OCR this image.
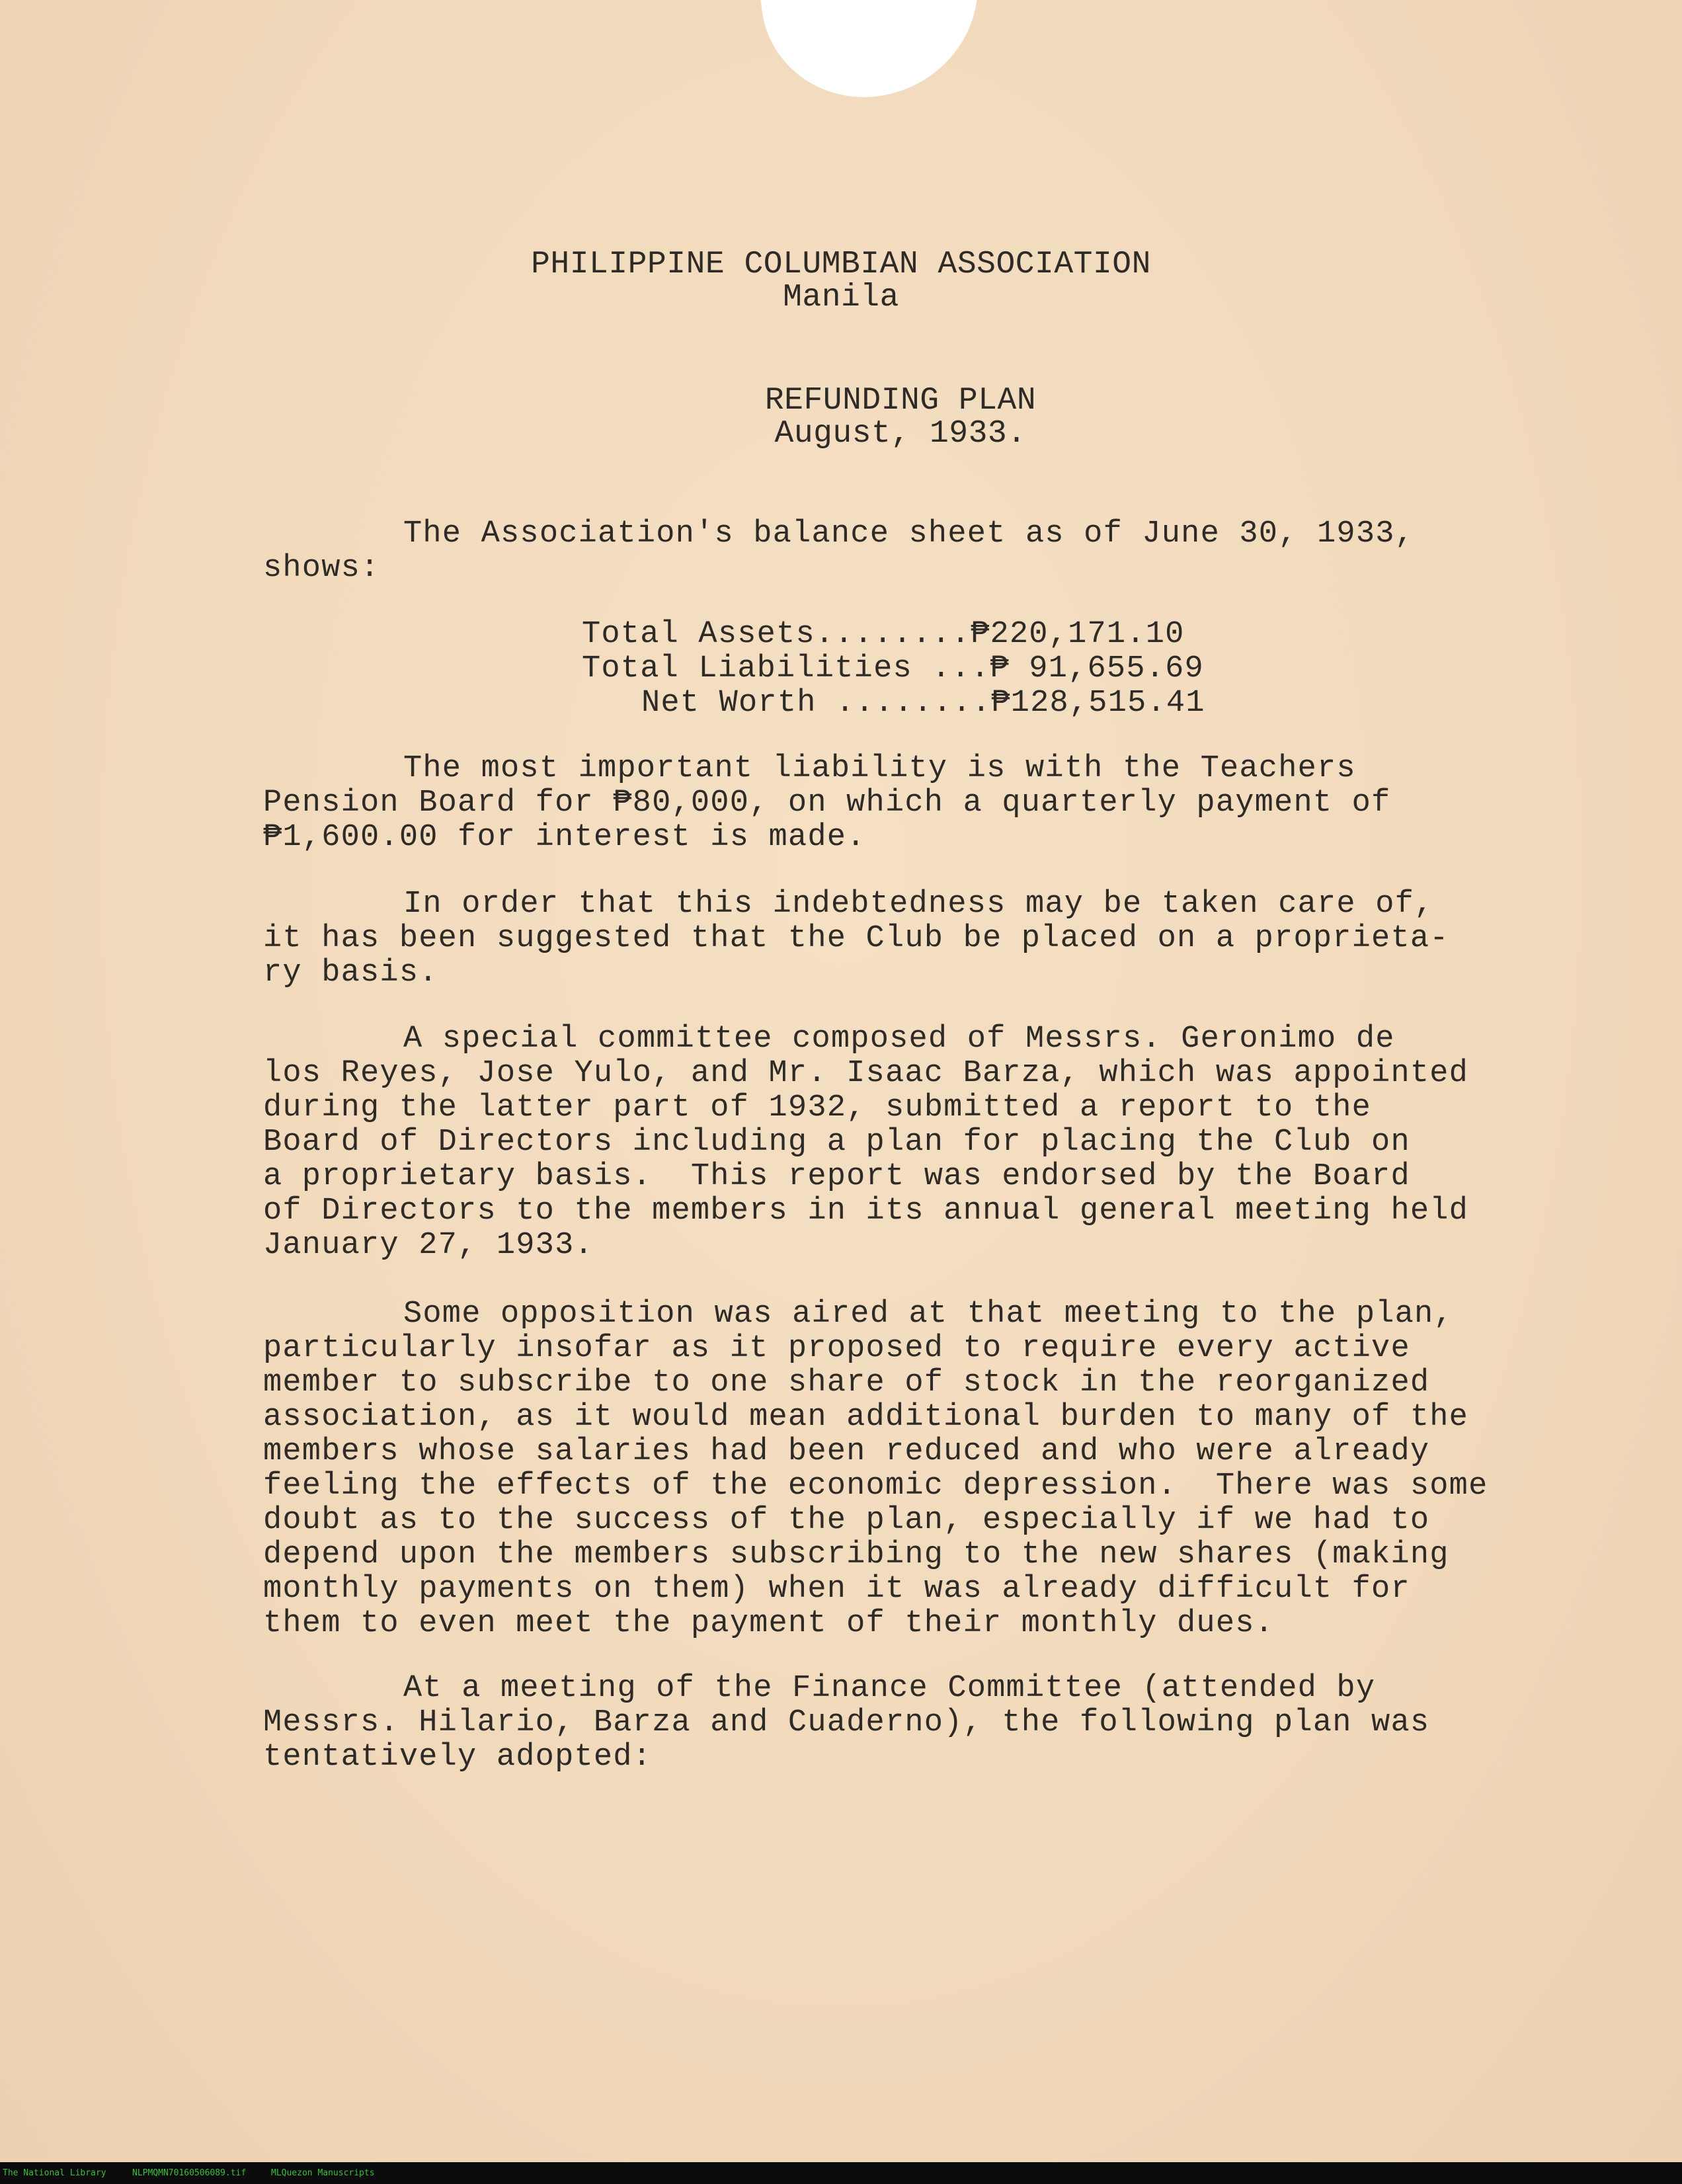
PHILIPPINE COLUMBIAN ASSOCIATION
Manila
REFUNDING PLAN
August, 1933.
The Association's balance sheet as of June 30, 1933,
shows:
Total Assets........₱220,171.10
Total Liabilities ...₱ 91,655.69
Net Worth ........₱128,515.41
The most important liability is with the Teachers
Pension Board for ₱80,000, on which a quarterly payment of
₱1,600.00 for interest is made.
In order that this indebtedness may be taken care of,
it has been suggested that the Club be placed on a proprieta-
ry basis.
A special committee composed of Messrs. Geronimo de
los Reyes, Jose Yulo, and Mr. Isaac Barza, which was appointed
during the latter part of 1932, submitted a report to the
Board of Directors including a plan for placing the Club on
a proprietary basis.  This report was endorsed by the Board
of Directors to the members in its annual general meeting held
January 27, 1933.
Some opposition was aired at that meeting to the plan,
particularly insofar as it proposed to require every active
member to subscribe to one share of stock in the reorganized
association, as it would mean additional burden to many of the
members whose salaries had been reduced and who were already
feeling the effects of the economic depression.  There was some
doubt as to the success of the plan, especially if we had to
depend upon the members subscribing to the new shares (making
monthly payments on them) when it was already difficult for
them to even meet the payment of their monthly dues.
At a meeting of the Finance Committee (attended by
Messrs. Hilario, Barza and Cuaderno), the following plan was
tentatively adopted:
The National Library	NLPMQMN70160506089.tif	MLQuezon Manuscripts
